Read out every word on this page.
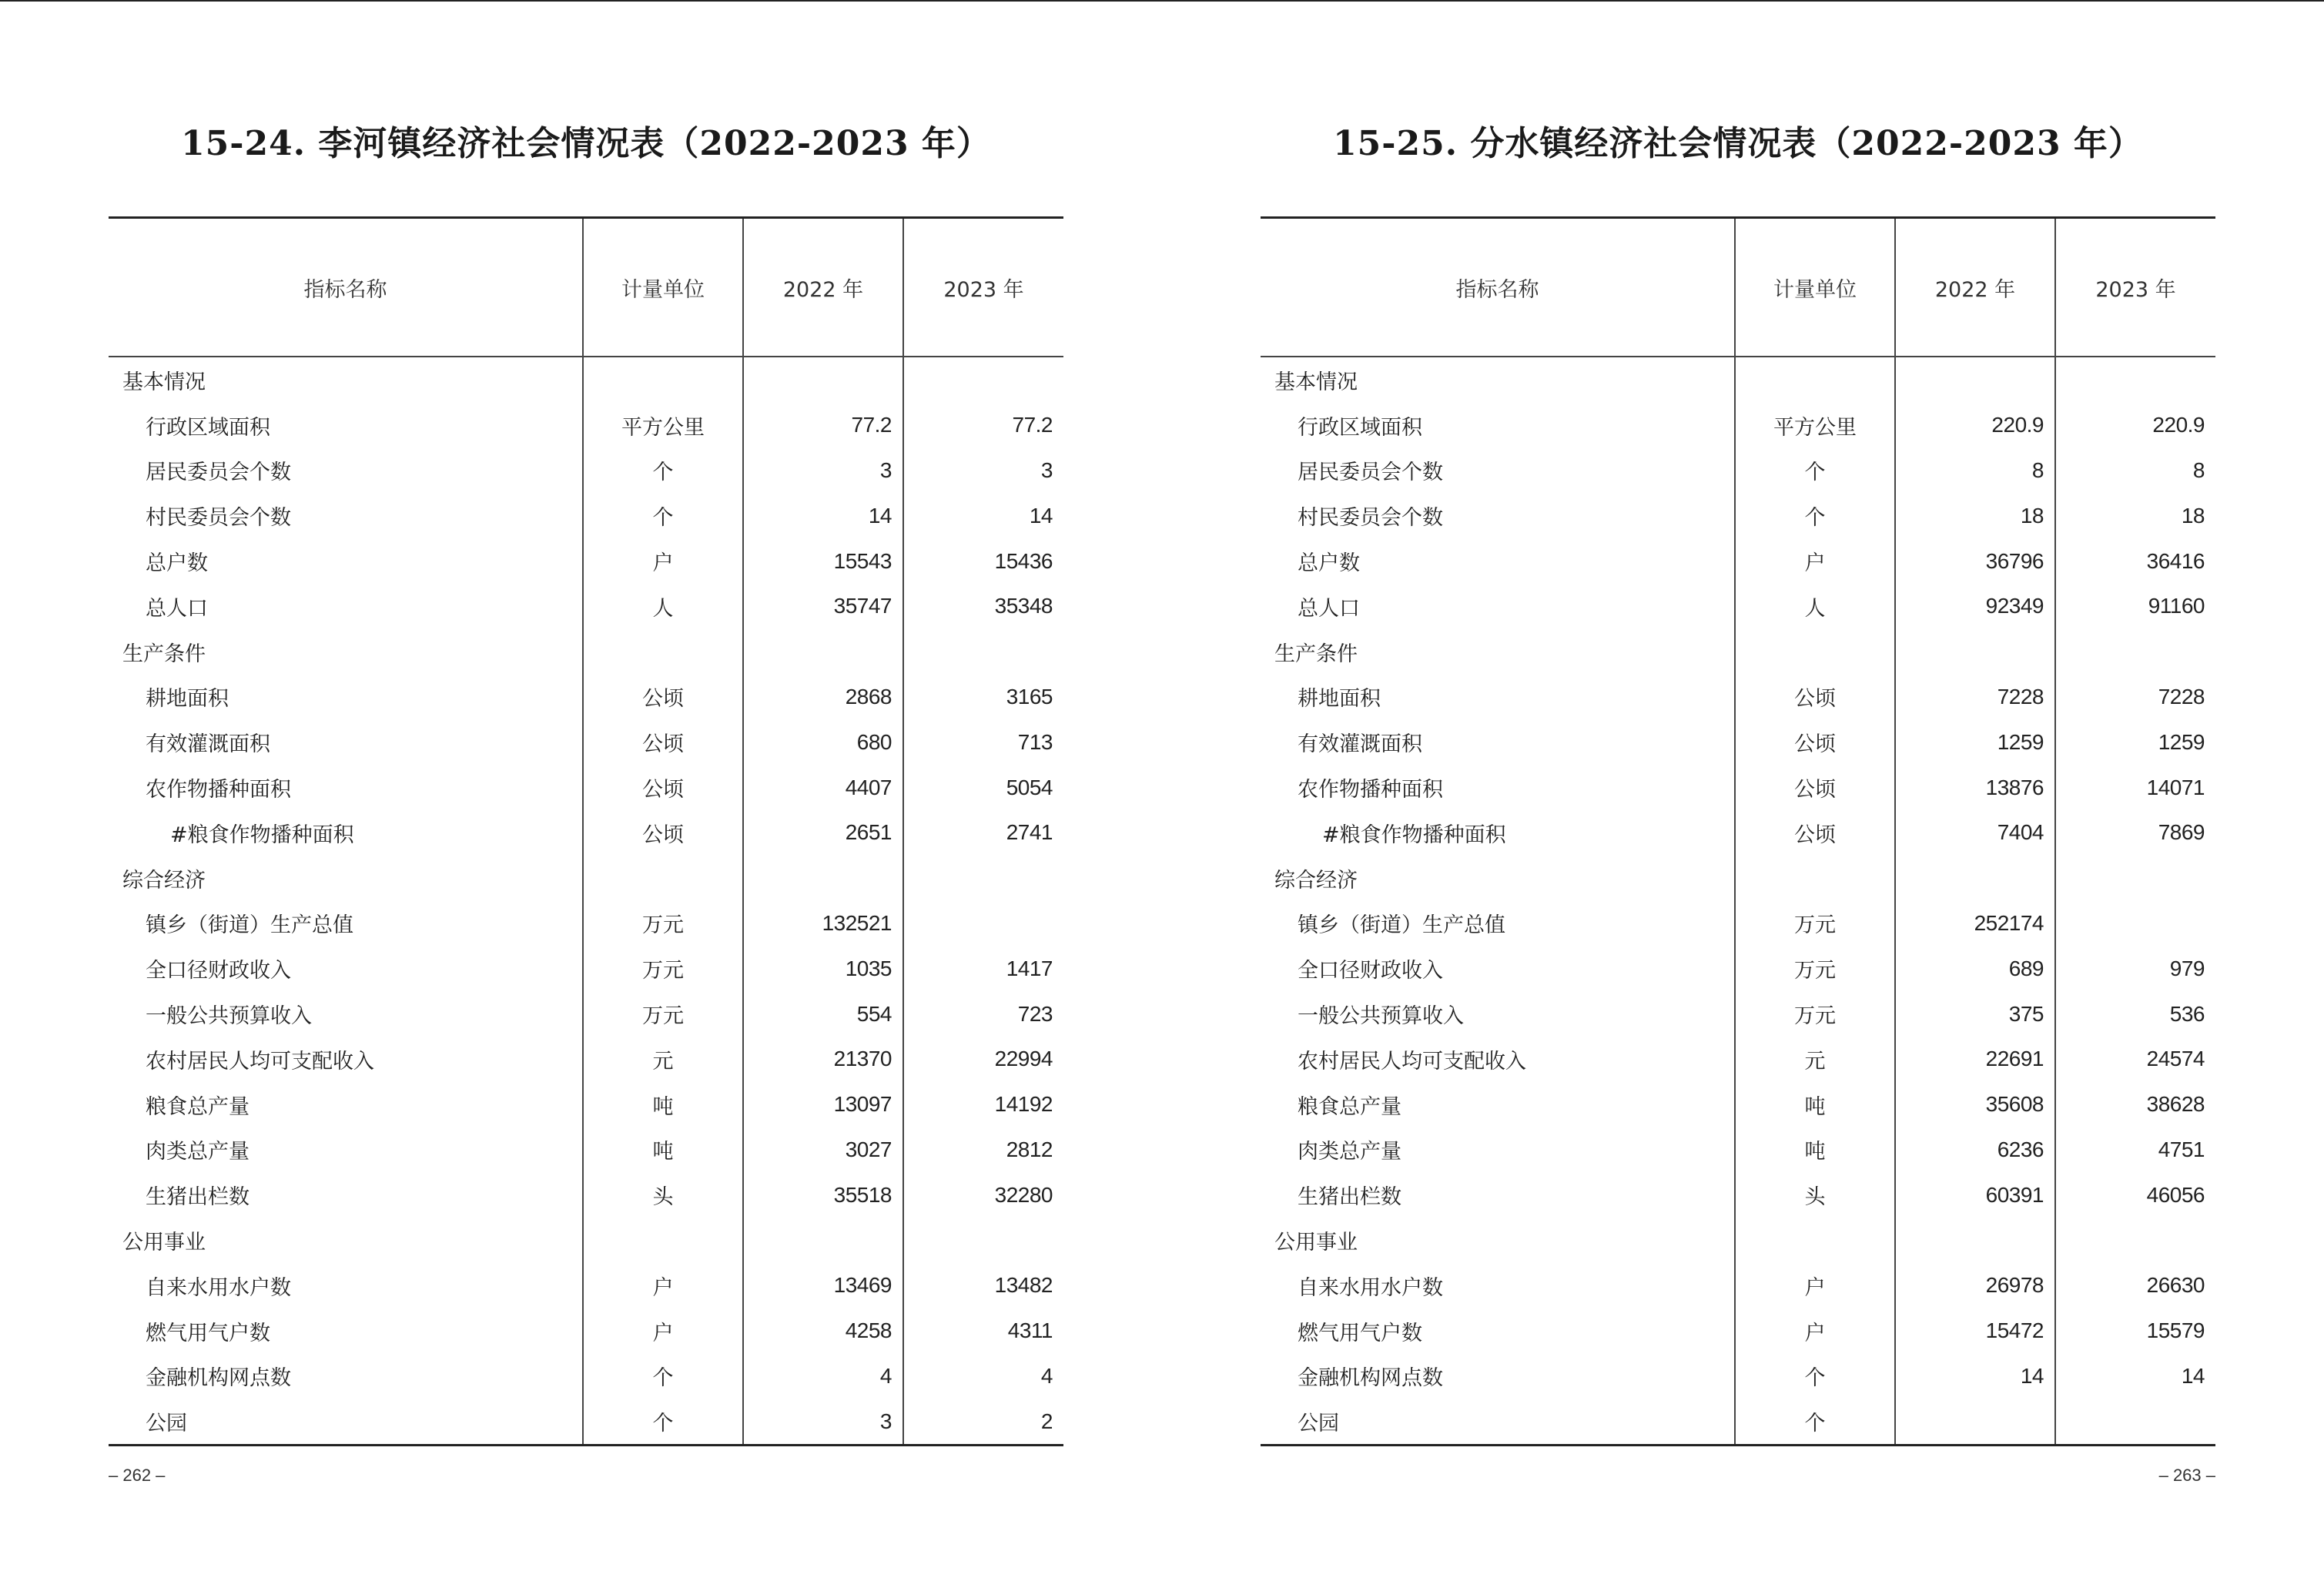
15-24. 李河镇经济社会情况表（2022-2023 年）
指标名称	计量单位	2022 年	2023 年
基本情况			
行政区域面积	平方公里	77.2	77.2
居民委员会个数	个	3	3
村民委员会个数	个	14	14
总户数	户	15543	15436
总人口	人	35747	35348
生产条件			
耕地面积	公顷	2868	3165
有效灌溉面积	公顷	680	713
农作物播种面积	公顷	4407	5054
#粮食作物播种面积	公顷	2651	2741
综合经济			
镇乡（街道）生产总值	万元	132521	
全口径财政收入	万元	1035	1417
一般公共预算收入	万元	554	723
农村居民人均可支配收入	元	21370	22994
粮食总产量	吨	13097	14192
肉类总产量	吨	3027	2812
生猪出栏数	头	35518	32280
公用事业			
自来水用水户数	户	13469	13482
燃气用气户数	户	4258	4311
金融机构网点数	个	4	4
公园	个	3	2
– 262 –
15-25. 分水镇经济社会情况表（2022-2023 年）
指标名称	计量单位	2022 年	2023 年
基本情况			
行政区域面积	平方公里	220.9	220.9
居民委员会个数	个	8	8
村民委员会个数	个	18	18
总户数	户	36796	36416
总人口	人	92349	91160
生产条件			
耕地面积	公顷	7228	7228
有效灌溉面积	公顷	1259	1259
农作物播种面积	公顷	13876	14071
#粮食作物播种面积	公顷	7404	7869
综合经济			
镇乡（街道）生产总值	万元	252174	
全口径财政收入	万元	689	979
一般公共预算收入	万元	375	536
农村居民人均可支配收入	元	22691	24574
粮食总产量	吨	35608	38628
肉类总产量	吨	6236	4751
生猪出栏数	头	60391	46056
公用事业			
自来水用水户数	户	26978	26630
燃气用气户数	户	15472	15579
金融机构网点数	个	14	14
公园	个		
– 263 –
